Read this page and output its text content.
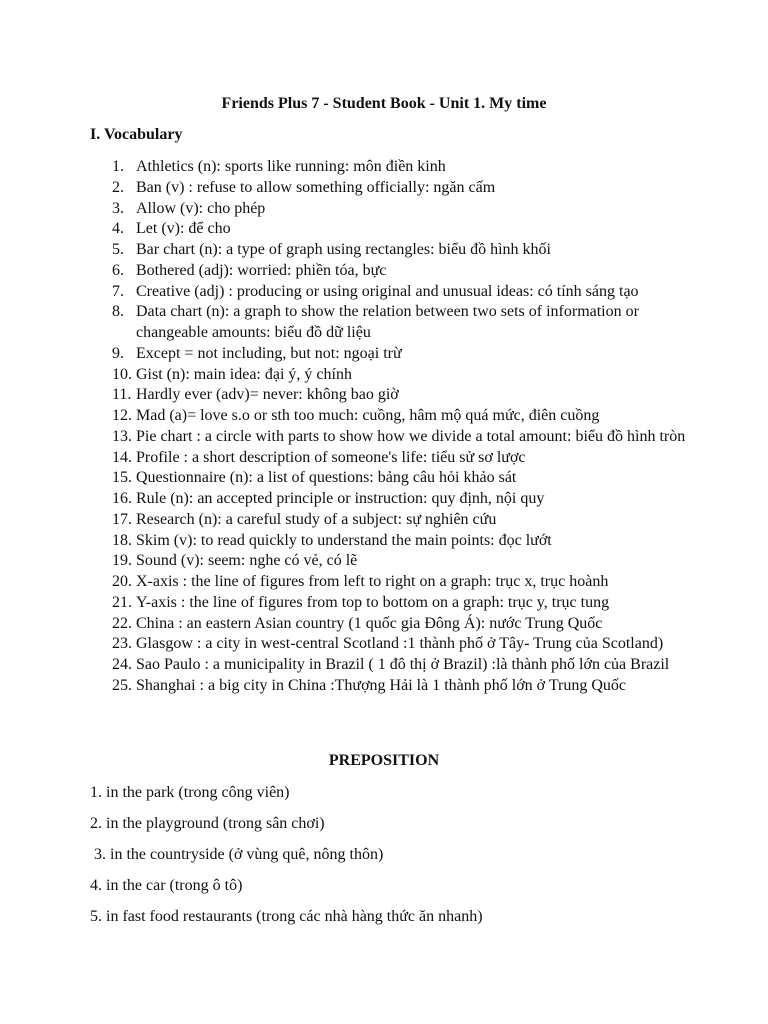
Friends Plus 7 - Student Book - Unit 1. My time
I. Vocabulary
1. Athletics (n): sports like running: môn điền kinh
2. Ban (v) : refuse to allow something officially: ngăn cấm
3. Allow (v): cho phép
4. Let (v): để cho
5. Bar chart (n): a type of graph using rectangles: biểu đồ hình khối
6. Bothered (adj): worried: phiền tóa, bực
7. Creative (adj) : producing or using original and unusual ideas: có tính sáng tạo
8. Data chart (n): a graph to show the relation between two sets of information or changeable amounts: biểu đồ dữ liệu
9. Except = not including, but not: ngoại trừ
10. Gist (n): main idea: đại ý, ý chính
11. Hardly ever (adv)= never: không bao giờ
12. Mad (a)= love s.o or sth too much: cuồng, hâm mộ quá mức, điên cuồng
13. Pie chart : a circle with parts to show how we divide a total amount: biểu đồ hình tròn
14. Profile : a short description of someone's life: tiểu sử sơ lược
15. Questionnaire (n): a list of questions: bảng câu hỏi khảo sát
16. Rule (n): an accepted principle or instruction: quy định, nội quy
17. Research (n): a careful study of a subject: sự nghiên cứu
18. Skim (v): to read quickly to understand the main points: đọc lướt
19. Sound (v): seem: nghe có vẻ, có lẽ
20. X-axis : the line of figures from left to right on a graph: trục x, trục hoành
21. Y-axis : the line of figures from top to bottom on a graph: trục y, trục tung
22. China : an eastern Asian country (1 quốc gia Đông Á): nước Trung Quốc
23. Glasgow : a city in west-central Scotland :1 thành phố ở Tây- Trung của Scotland)
24. Sao Paulo : a municipality in Brazil ( 1 đô thị ở Brazil) :là thành phố lớn của Brazil
25. Shanghai : a big city in China :Thượng Hải là 1 thành phố lớn ở Trung Quốc
PREPOSITION
1. in the park (trong công viên)
2. in the playground (trong sân chơi)
3. in the countryside (ở vùng quê, nông thôn)
4. in the car (trong ô tô)
5. in fast food restaurants (trong các nhà hàng thức ăn nhanh)
